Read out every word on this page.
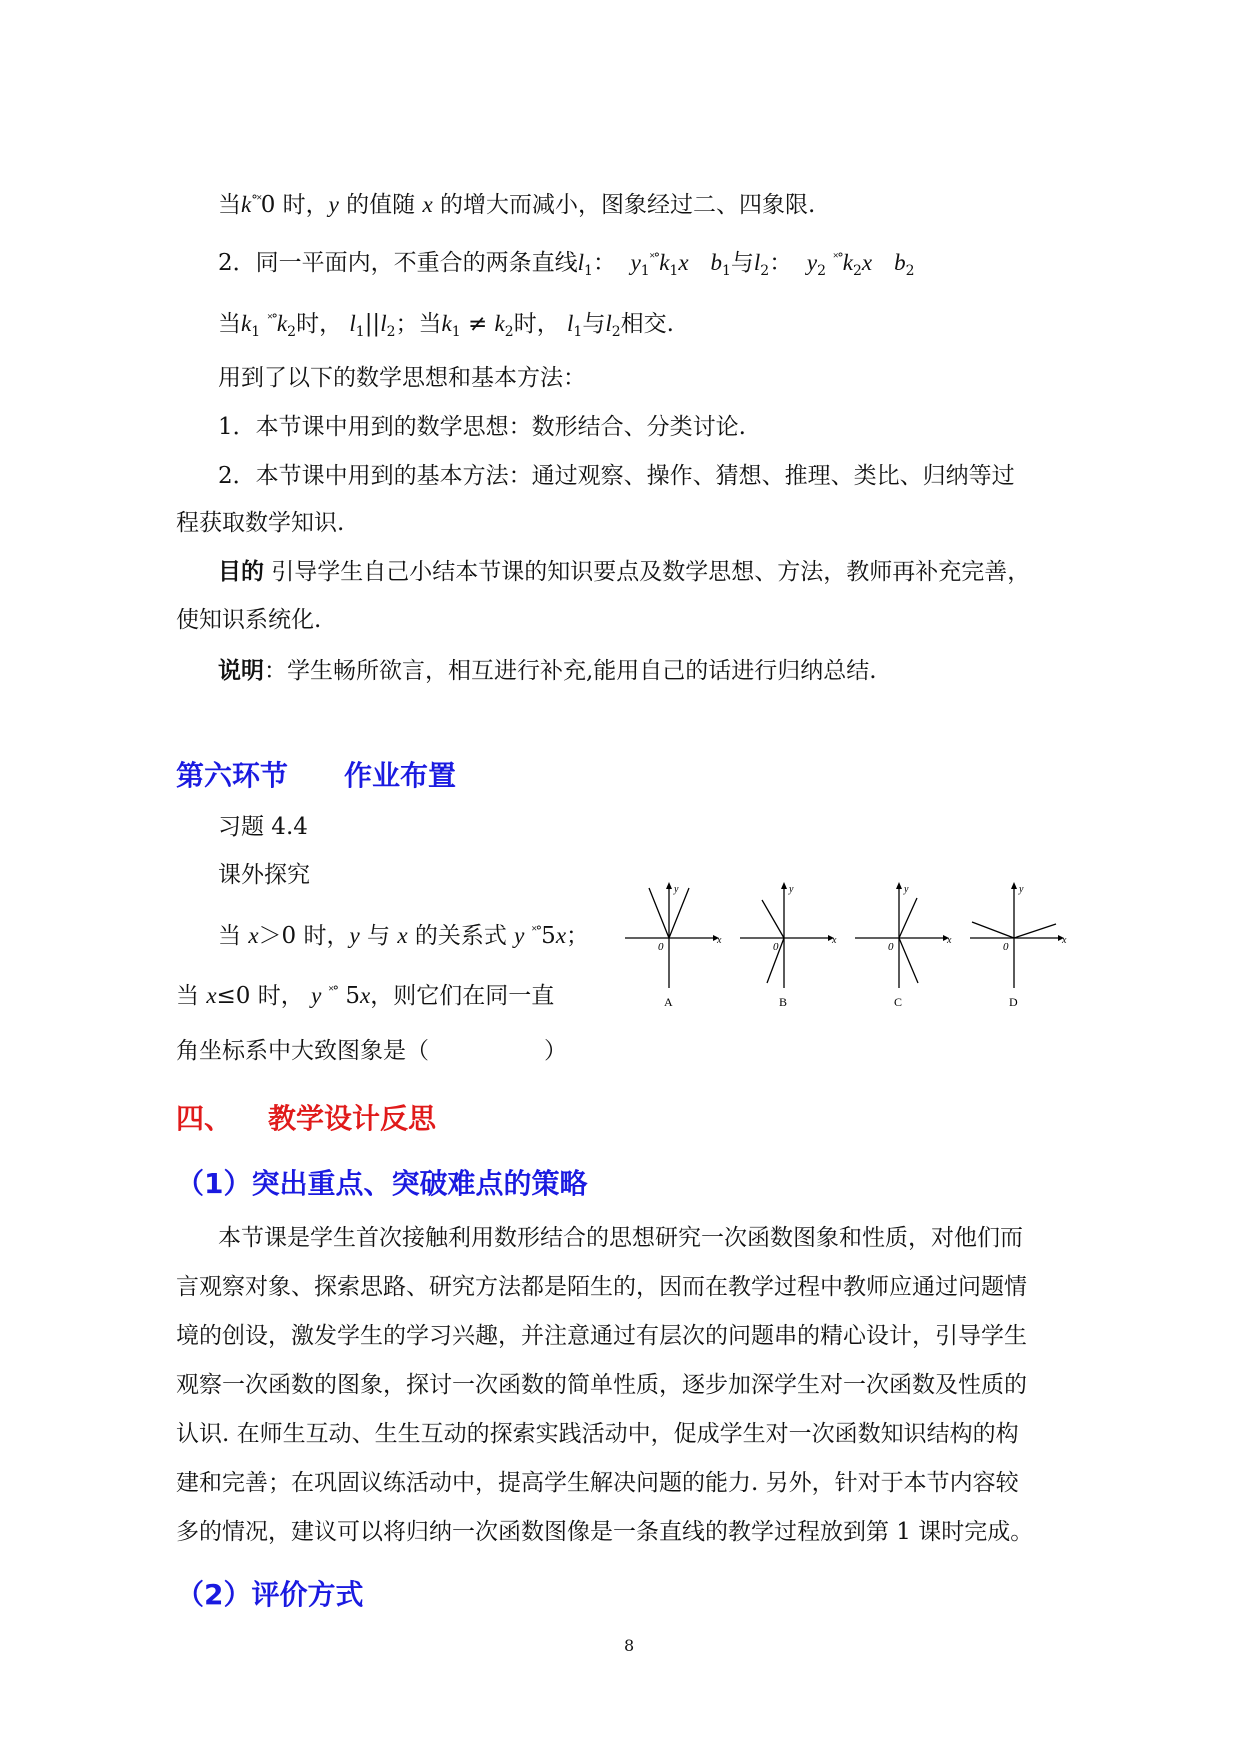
当k°˟0 时，y 的值随 x 的增大而减小，图象经过二、四象限.
2．同一平面内，不重合的两条直线$l_1$： $y_1^{˟^\circ}k_1x$ $b_1$与$l_2$： $y_2$ $^{˟^\circ}k_2x$ $b_2$
当$k_1$ $^{˟^\circ}k_2$时， $l_1||l_2$；当$k_1 \ne k_2$时， $l_1$与$l_2$相交.
用到了以下的数学思想和基本方法：
1．本节课中用到的数学思想：数形结合、分类讨论.
2．本节课中用到的基本方法：通过观察、操作、猜想、推理、类比、归纳等过
程获取数学知识.
目的 引导学生自己小结本节课的知识要点及数学思想、方法，教师再补充完善，
使知识系统化.
说明：学生畅所欲言，相互进行补充,能用自己的话进行归纳总结.
第六环节 作业布置
习题 4.4
课外探究
当 x＞0 时，y 与 x 的关系式 y ˟°5x；
当 x≤0 时， y ˟° 5x，则它们在同一直
角坐标系中大致图象是（　　　　　）
y
x
0
A
y
x
0
B
y
x
0
C
y
x
0
D
四、 教学设计反思
（1）突出重点、突破难点的策略
本节课是学生首次接触利用数形结合的思想研究一次函数图象和性质，对他们而
言观察对象、探索思路、研究方法都是陌生的，因而在教学过程中教师应通过问题情
境的创设，激发学生的学习兴趣，并注意通过有层次的问题串的精心设计，引导学生
观察一次函数的图象，探讨一次函数的简单性质，逐步加深学生对一次函数及性质的
认识. 在师生互动、生生互动的探索实践活动中，促成学生对一次函数知识结构的构
建和完善；在巩固议练活动中，提高学生解决问题的能力. 另外，针对于本节内容较
多的情况，建议可以将归纳一次函数图像是一条直线的教学过程放到第 1 课时完成。
（2）评价方式
8
